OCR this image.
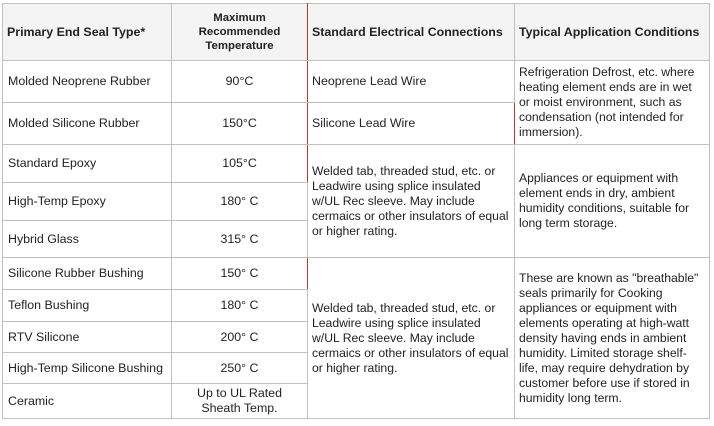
Primary End Seal Type*	Maximum Recommended Temperature	Standard Electrical Connections	Typical Application Conditions
Molded Neoprene Rubber	90°C	Neoprene Lead Wire	Refrigeration Defrost, etc. where heating element ends are in wet or moist environment, such as condensation (not intended for immersion).
Molded Silicone Rubber	150°C	Silicone Lead Wire	
Standard Epoxy	105°C	Welded tab, threaded stud, etc. or Leadwire using splice insulated w/UL Rec sleeve. May include cermaics or other insulators of equal or higher rating.	Appliances or equipment with element ends in dry, ambient humidity conditions, suitable for long term storage.
High-Temp Epoxy	180° C		
Hybrid Glass	315° C		
Silicone Rubber Bushing	150° C	Welded tab, threaded stud, etc. or Leadwire using splice insulated w/UL Rec sleeve. May include cermaics or other insulators of equal or higher rating.	These are known as "breathable" seals primarily for Cooking appliances or equipment with elements operating at high-watt density having ends in ambient humidity. Limited storage shelf-life, may require dehydration by customer before use if stored in humidity long term.
Teflon Bushing	180° C		
RTV Silicone	200° C		
High-Temp Silicone Bushing	250° C		
Ceramic	Up to UL Rated Sheath Temp.		
